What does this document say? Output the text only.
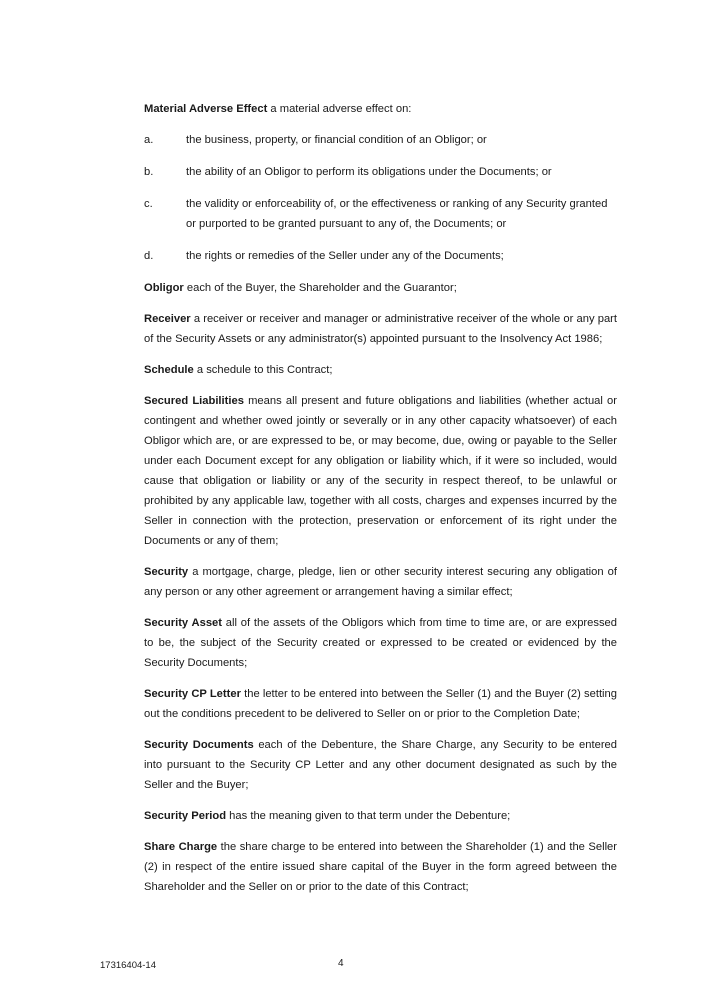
Material Adverse Effect a material adverse effect on:

a.	the business, property, or financial condition of an Obligor; or
b.	the ability of an Obligor to perform its obligations under the Documents; or
c.	the validity or enforceability of, or the effectiveness or ranking of any Security granted or purported to be granted pursuant to any of, the Documents; or
d.	the rights or remedies of the Seller under any of the Documents;

Obligor each of the Buyer, the Shareholder and the Guarantor;

Receiver a receiver or receiver and manager or administrative receiver of the whole or any part of the Security Assets or any administrator(s) appointed pursuant to the Insolvency Act 1986;

Schedule a schedule to this Contract;

Secured Liabilities means all present and future obligations and liabilities (whether actual or contingent and whether owed jointly or severally or in any other capacity whatsoever) of each Obligor which are, or are expressed to be, or may become, due, owing or payable to the Seller under each Document except for any obligation or liability which, if it were so included, would cause that obligation or liability or any of the security in respect thereof, to be unlawful or prohibited by any applicable law, together with all costs, charges and expenses incurred by the Seller in connection with the protection, preservation or enforcement of its right under the Documents or any of them;

Security a mortgage, charge, pledge, lien or other security interest securing any obligation of any person or any other agreement or arrangement having a similar effect;

Security Asset all of the assets of the Obligors which from time to time are, or are expressed to be, the subject of the Security created or expressed to be created or evidenced by the Security Documents;

Security CP Letter the letter to be entered into between the Seller (1) and the Buyer (2) setting out the conditions precedent to be delivered to Seller on or prior to the Completion Date;

Security Documents each of the Debenture, the Share Charge, any Security to be entered into pursuant to the Security CP Letter and any other document designated as such by the Seller and the Buyer;

Security Period has the meaning given to that term under the Debenture;

Share Charge the share charge to be entered into between the Shareholder (1) and the Seller (2) in respect of the entire issued share capital of the Buyer in the form agreed between the Shareholder and the Seller on or prior to the date of this Contract;

17316404-14	4
